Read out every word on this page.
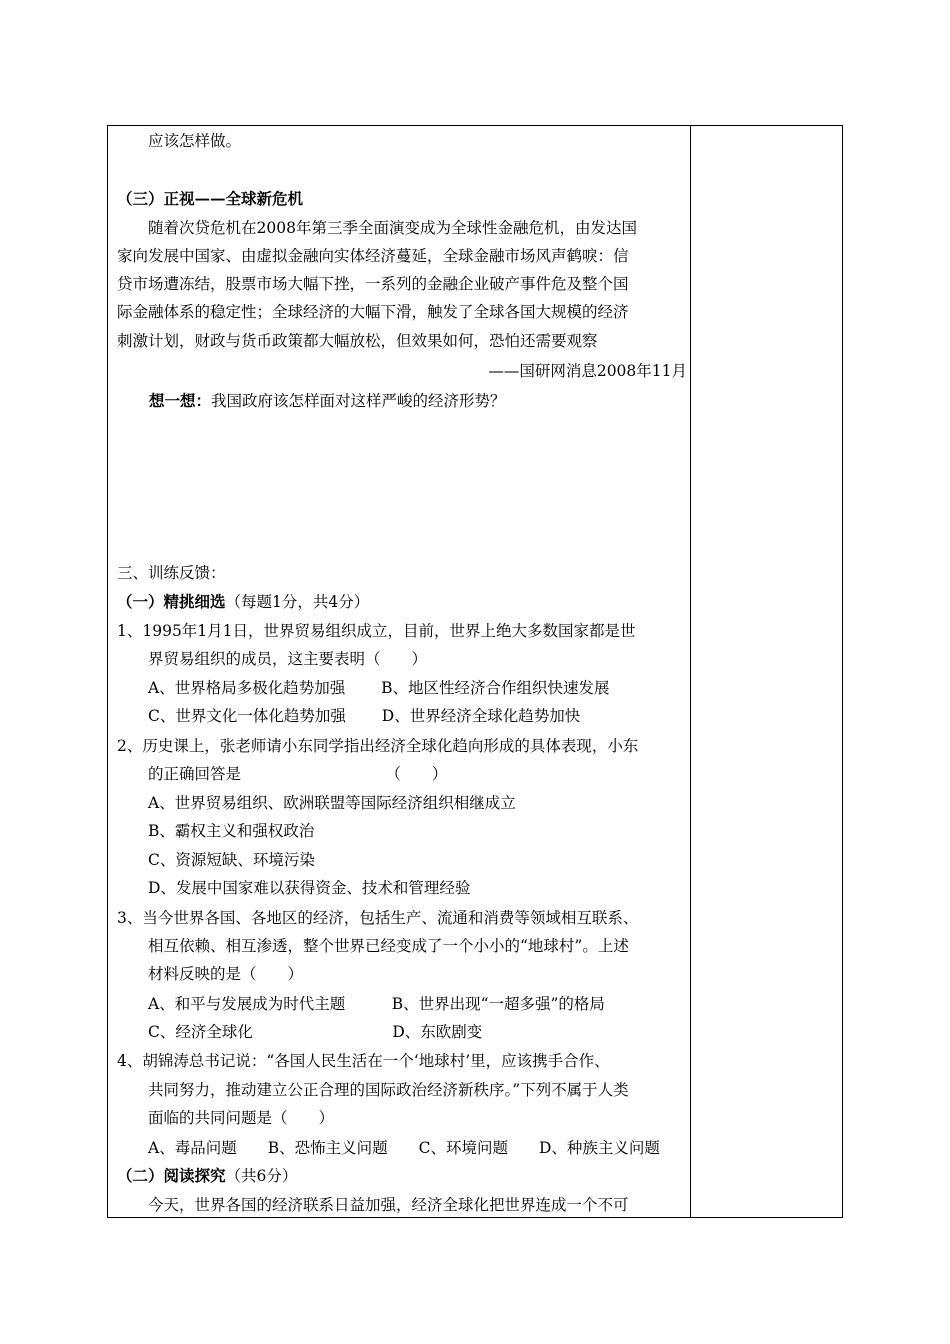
　　应该怎样做。
（三）正视——全球新危机
　　随着次贷危机在2008年第三季全面演变成为全球性金融危机，由发达国
家向发展中国家、由虚拟金融向实体经济蔓延，全球金融市场风声鹤唳：信
贷市场遭冻结，股票市场大幅下挫，一系列的金融企业破产事件危及整个国
际金融体系的稳定性；全球经济的大幅下滑，触发了全球各国大规模的经济
刺激计划，财政与货币政策都大幅放松，但效果如何，恐怕还需要观察
——国研网消息2008年11月
想一想：我国政府该怎样面对这样严峻的经济形势？
三、训练反馈：
（一）精挑细选（每题1分，共4分）
1、1995年1月1日，世界贸易组织成立，目前，世界上绝大多数国家都是世
　　界贸易组织的成员，这主要表明（　　）
　　A、世界格局多极化趋势加强　　 B、地区性经济合作组织快速发展
　　C、世界文化一体化趋势加强　　 D、世界经济全球化趋势加快
2、历史课上，张老师请小东同学指出经济全球化趋向形成的具体表现，小东
　　的正确回答是　　　　　　　　　 （　　）
　　A、世界贸易组织、欧洲联盟等国际经济组织相继成立
　　B、霸权主义和强权政治
　　C、资源短缺、环境污染
　　D、发展中国家难以获得资金、技术和管理经验
3、当今世界各国、各地区的经济，包括生产、流通和消费等领域相互联系、
　　相互依赖、相互渗透，整个世界已经变成了一个小小的“地球村”。上述
　　材料反映的是（　　）
　　A、和平与发展成为时代主题　　　B、世界出现“一超多强”的格局
　　C、经济全球化　　　　　　　　　D、东欧剧变
4、胡锦涛总书记说：“各国人民生活在一个‘地球村’里，应该携手合作、
　　共同努力，推动建立公正合理的国际政治经济新秩序。”下列不属于人类
　　面临的共同问题是（　　）
　　A、毒品问题　　B、恐怖主义问题　　C、环境问题　　D、种族主义问题
（二）阅读探究（共6分）
　　今天，世界各国的经济联系日益加强，经济全球化把世界连成一个不可
